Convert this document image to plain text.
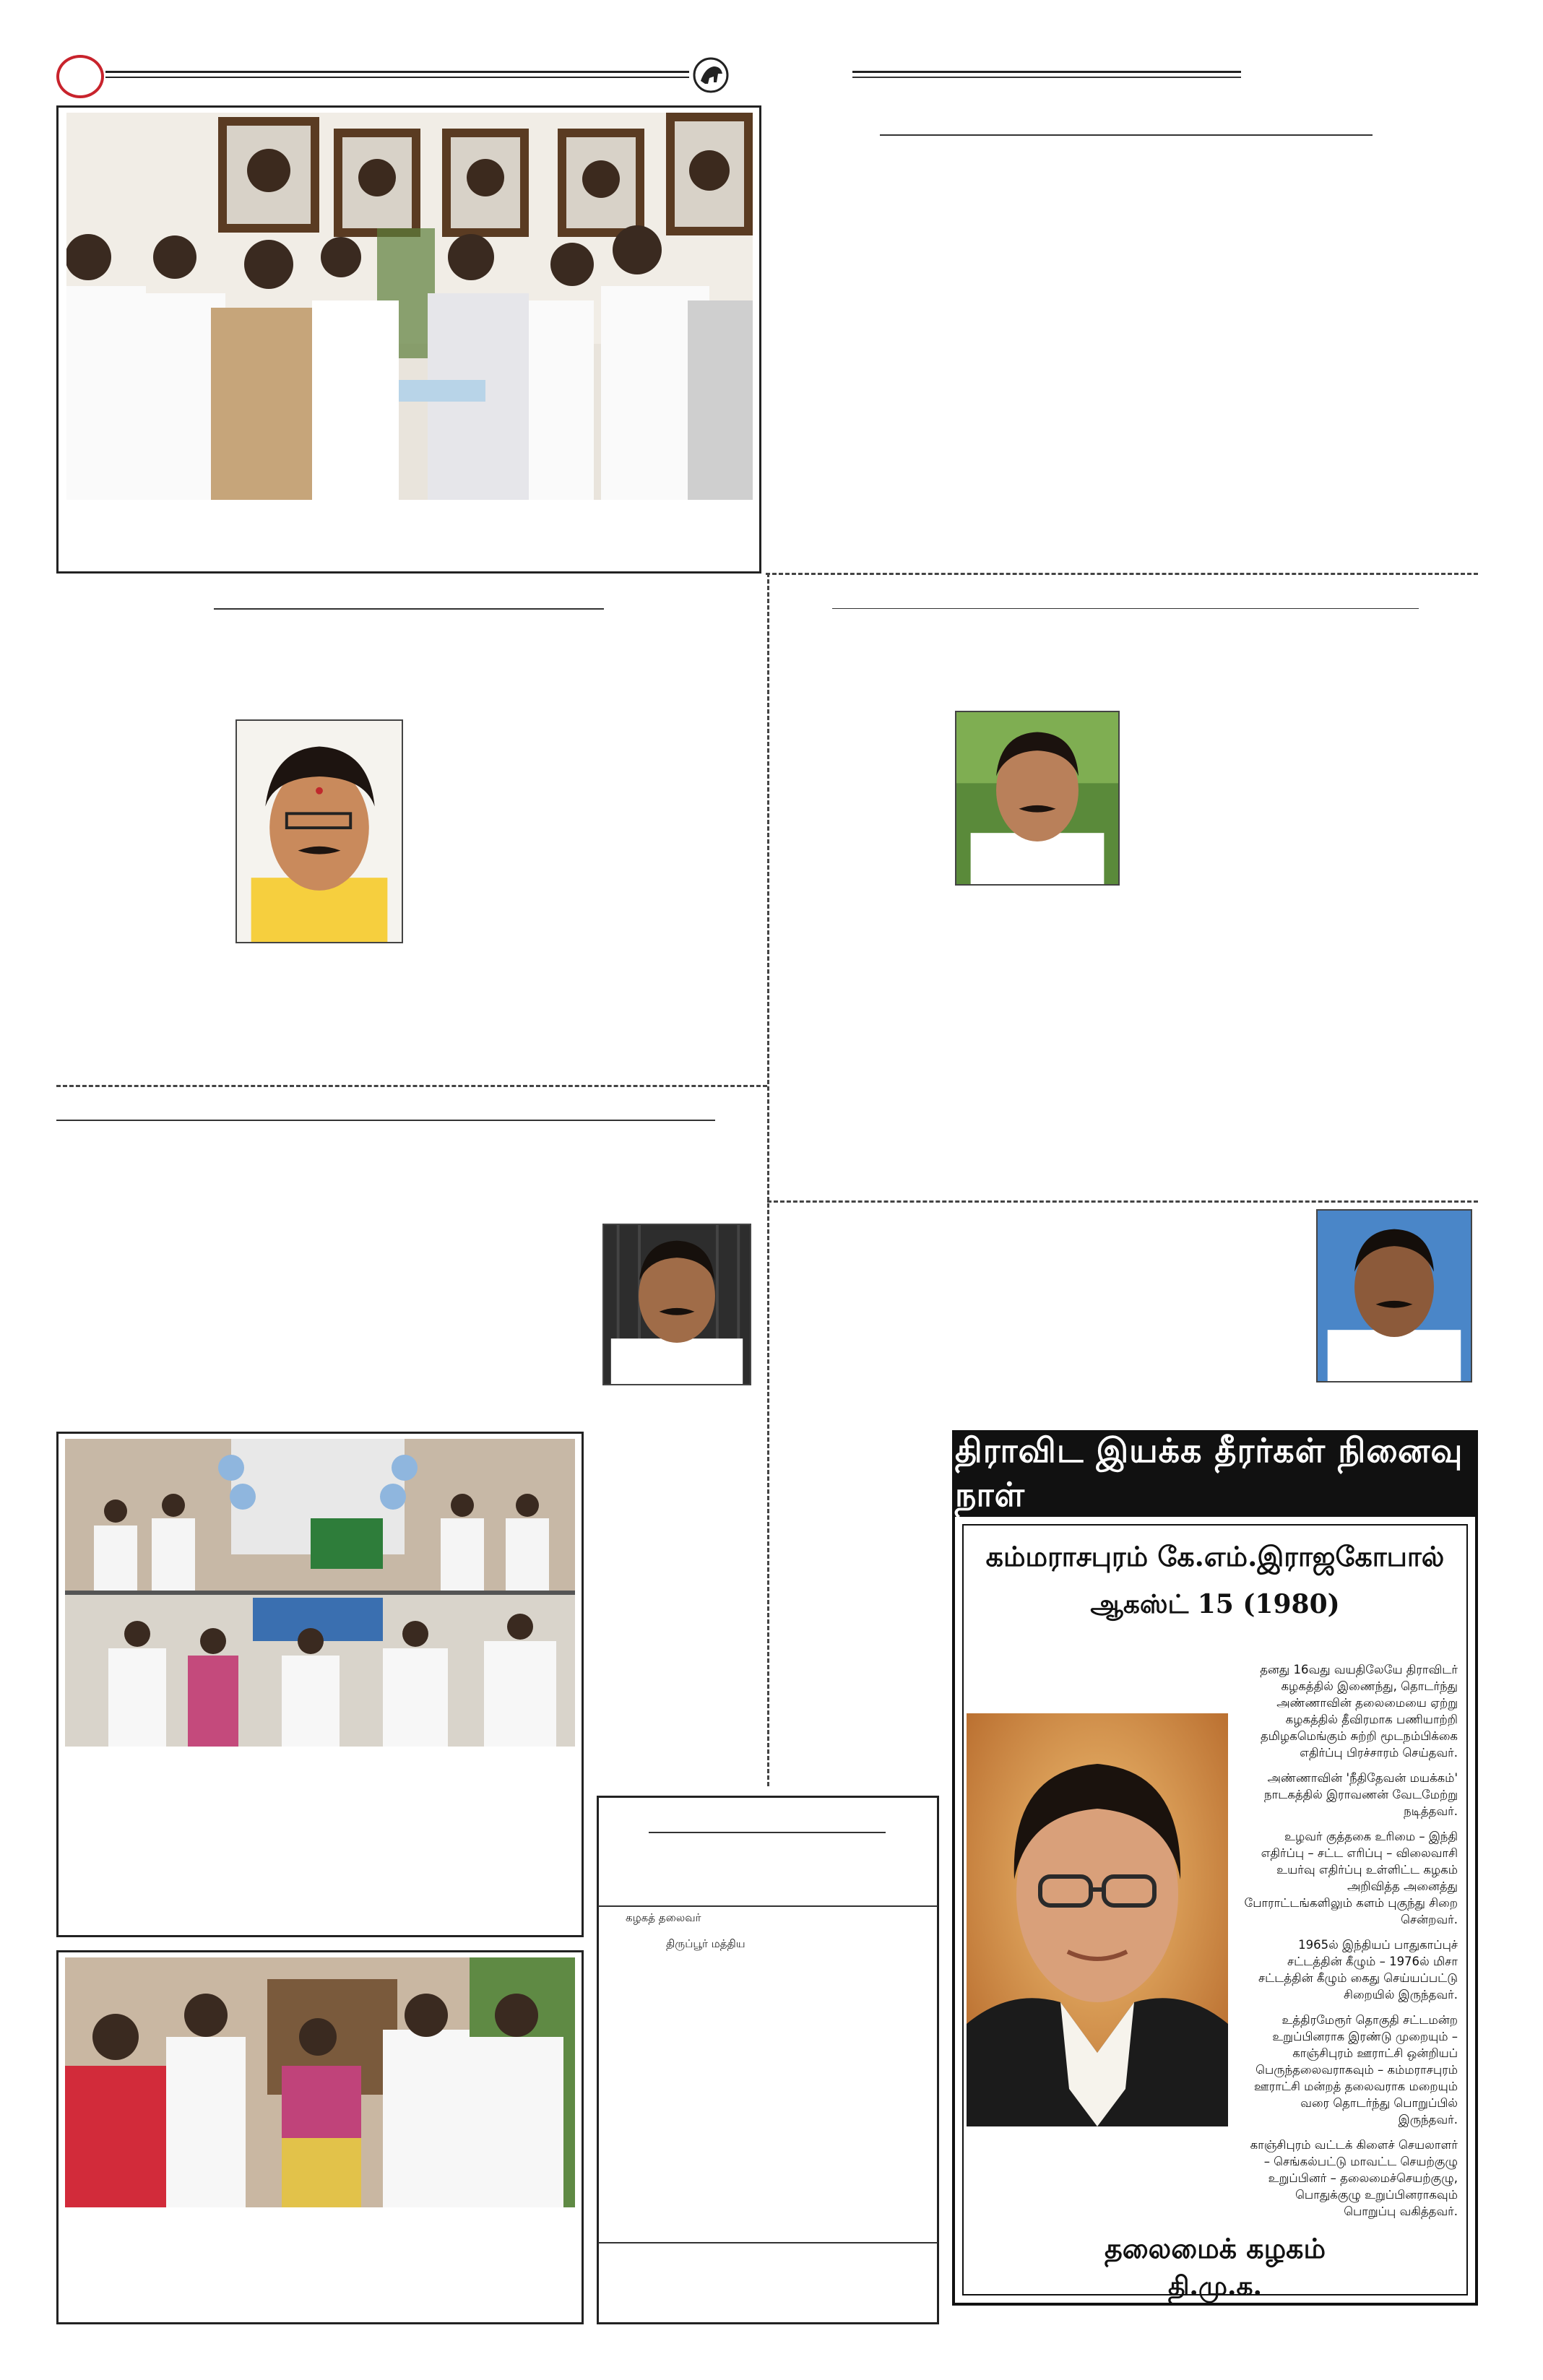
கழகத் தலைவர்
திருப்பூர் மத்திய
திராவிட இயக்க தீரர்கள் நினைவு நாள்
கம்மராசபுரம் கே.எம்.இராஜகோபால்
ஆகஸ்ட் 15 (1980)

தனது 16வது வயதிலேயே திராவிடர் கழகத்தில் இணைந்து, தொடர்ந்து அண்ணாவின் தலைமையை ஏற்று கழகத்தில் தீவிரமாக பணியாற்றி தமிழகமெங்கும் சுற்றி மூடநம்பிக்கை எதிர்ப்பு பிரச்சாரம் செய்தவர்.

அண்ணாவின் 'நீதிதேவன் மயக்கம்' நாடகத்தில் இராவணன் வேடமேற்று நடித்தவர்.

உழவர் குத்தகை உரிமை – இந்தி எதிர்ப்பு – சட்ட எரிப்பு – விலைவாசி உயர்வு எதிர்ப்பு உள்ளிட்ட கழகம் அறிவித்த அனைத்து போராட்டங்களிலும் களம் புகுந்து சிறை சென்றவர்.

1965ல் இந்தியப் பாதுகாப்புச் சட்டத்தின் கீழும் – 1976ல் மிசா சட்டத்தின் கீழும் கைது செய்யப்பட்டு சிறையில் இருந்தவர்.

உத்திரமேரூர் தொகுதி சட்டமன்ற உறுப்பினராக இரண்டு முறையும் – காஞ்சிபுரம் ஊராட்சி ஒன்றியப் பெருந்தலைவராகவும் – கம்மராசபுரம் ஊராட்சி மன்றத் தலைவராக மறையும் வரை தொடர்ந்து பொறுப்பில் இருந்தவர்.

காஞ்சிபுரம் வட்டக் கிளைச் செயலாளர் – செங்கல்பட்டு மாவட்ட செயற்குழு உறுப்பினர் – தலைமைச்செயற்குழு, பொதுக்குழு உறுப்பினராகவும் பொறுப்பு வகித்தவர்.

தலைமைக் கழகம்
தி.மு.க.
